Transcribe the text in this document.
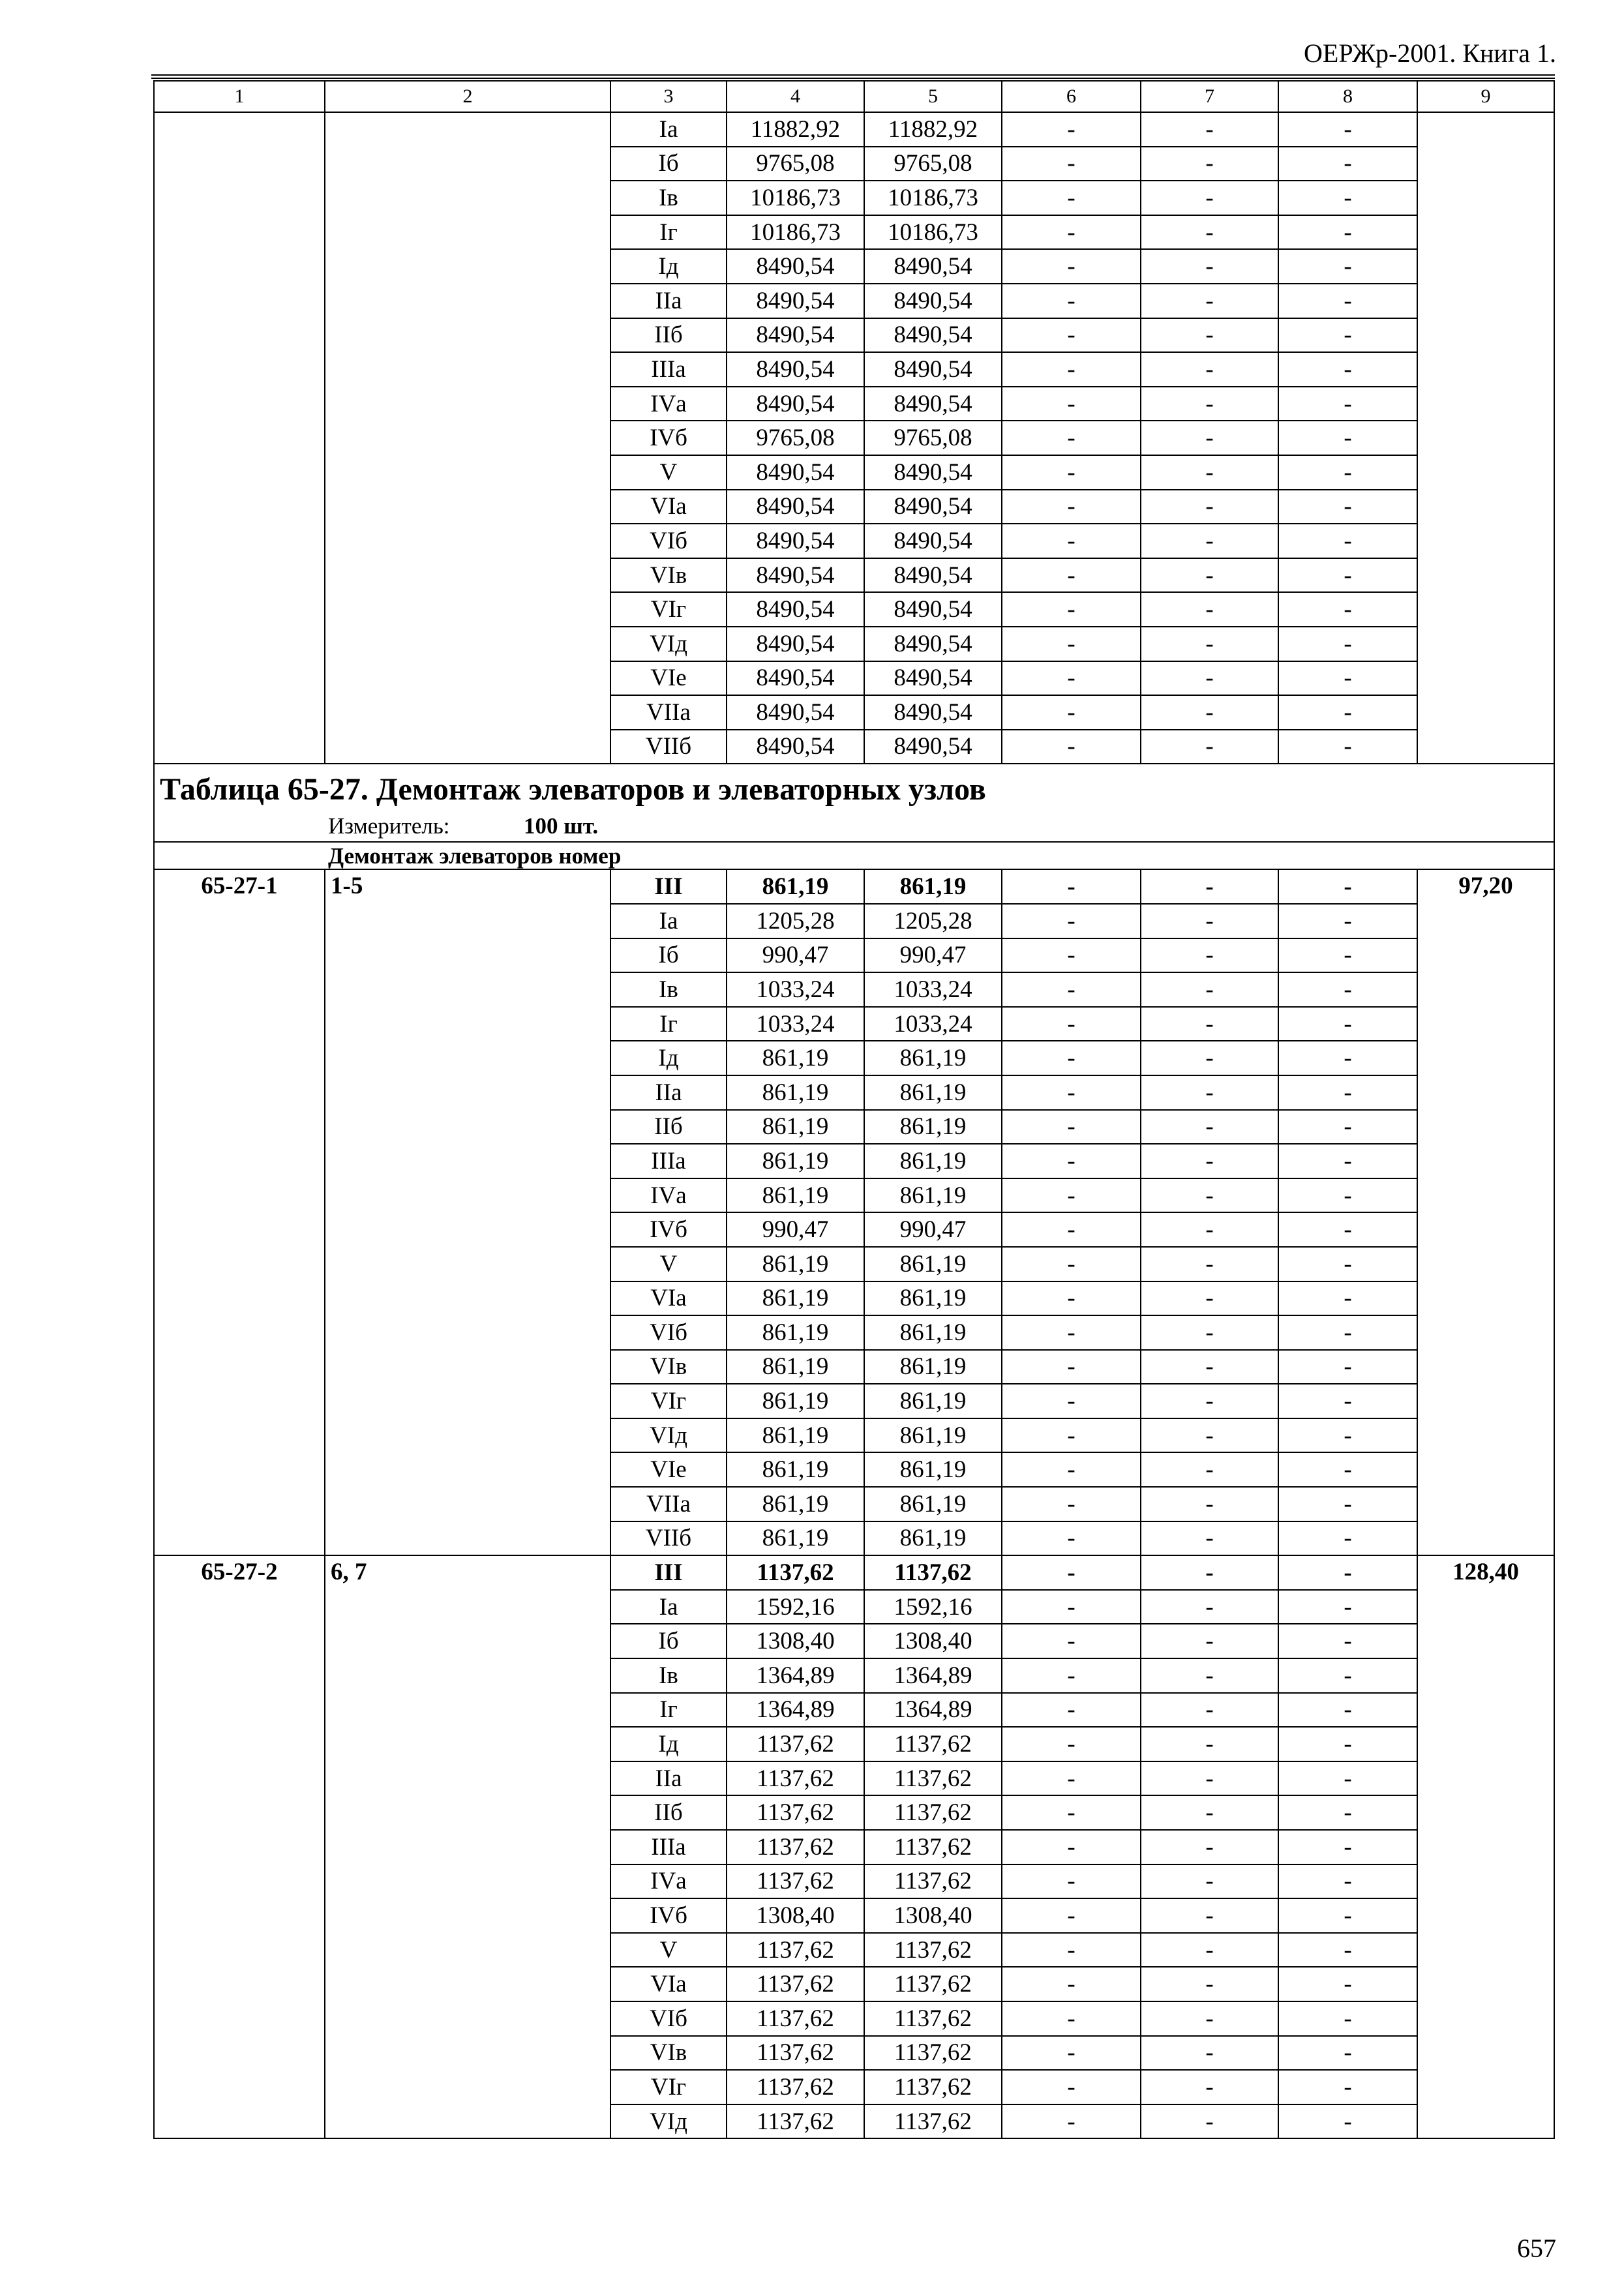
ОЕРЖр-2001. Книга 1.
1	2	3	4	5	6	7	8	9
		Iа	11882,92	11882,92	-	-	-	
		Iб	9765,08	9765,08	-	-	-	
		Iв	10186,73	10186,73	-	-	-	
		Iг	10186,73	10186,73	-	-	-	
		Iд	8490,54	8490,54	-	-	-	
		IIа	8490,54	8490,54	-	-	-	
		IIб	8490,54	8490,54	-	-	-	
		IIIа	8490,54	8490,54	-	-	-	
		IVа	8490,54	8490,54	-	-	-	
		IVб	9765,08	9765,08	-	-	-	
		V	8490,54	8490,54	-	-	-	
		VIа	8490,54	8490,54	-	-	-	
		VIб	8490,54	8490,54	-	-	-	
		VIв	8490,54	8490,54	-	-	-	
		VIг	8490,54	8490,54	-	-	-	
		VIд	8490,54	8490,54	-	-	-	
		VIе	8490,54	8490,54	-	-	-	
		VIIа	8490,54	8490,54	-	-	-	
		VIIб	8490,54	8490,54	-	-	-	

Таблица 65-27. Демонтаж элеваторов и элеваторных узлов
Измеритель: 100 шт.								

Демонтаж элеваторов номер								
65-27-1	1-5	III	861,19	861,19	-	-	-	97,20
		Iа	1205,28	1205,28	-	-	-	
		Iб	990,47	990,47	-	-	-	
		Iв	1033,24	1033,24	-	-	-	
		Iг	1033,24	1033,24	-	-	-	
		Iд	861,19	861,19	-	-	-	
		IIа	861,19	861,19	-	-	-	
		IIб	861,19	861,19	-	-	-	
		IIIа	861,19	861,19	-	-	-	
		IVа	861,19	861,19	-	-	-	
		IVб	990,47	990,47	-	-	-	
		V	861,19	861,19	-	-	-	
		VIа	861,19	861,19	-	-	-	
		VIб	861,19	861,19	-	-	-	
		VIв	861,19	861,19	-	-	-	
		VIг	861,19	861,19	-	-	-	
		VIд	861,19	861,19	-	-	-	
		VIе	861,19	861,19	-	-	-	
		VIIа	861,19	861,19	-	-	-	
		VIIб	861,19	861,19	-	-	-	
65-27-2	6, 7	III	1137,62	1137,62	-	-	-	128,40
		Iа	1592,16	1592,16	-	-	-	
		Iб	1308,40	1308,40	-	-	-	
		Iв	1364,89	1364,89	-	-	-	
		Iг	1364,89	1364,89	-	-	-	
		Iд	1137,62	1137,62	-	-	-	
		IIа	1137,62	1137,62	-	-	-	
		IIб	1137,62	1137,62	-	-	-	
		IIIа	1137,62	1137,62	-	-	-	
		IVа	1137,62	1137,62	-	-	-	
		IVб	1308,40	1308,40	-	-	-	
		V	1137,62	1137,62	-	-	-	
		VIа	1137,62	1137,62	-	-	-	
		VIб	1137,62	1137,62	-	-	-	
		VIв	1137,62	1137,62	-	-	-	
		VIг	1137,62	1137,62	-	-	-	
		VIд	1137,62	1137,62	-	-	-	
657
